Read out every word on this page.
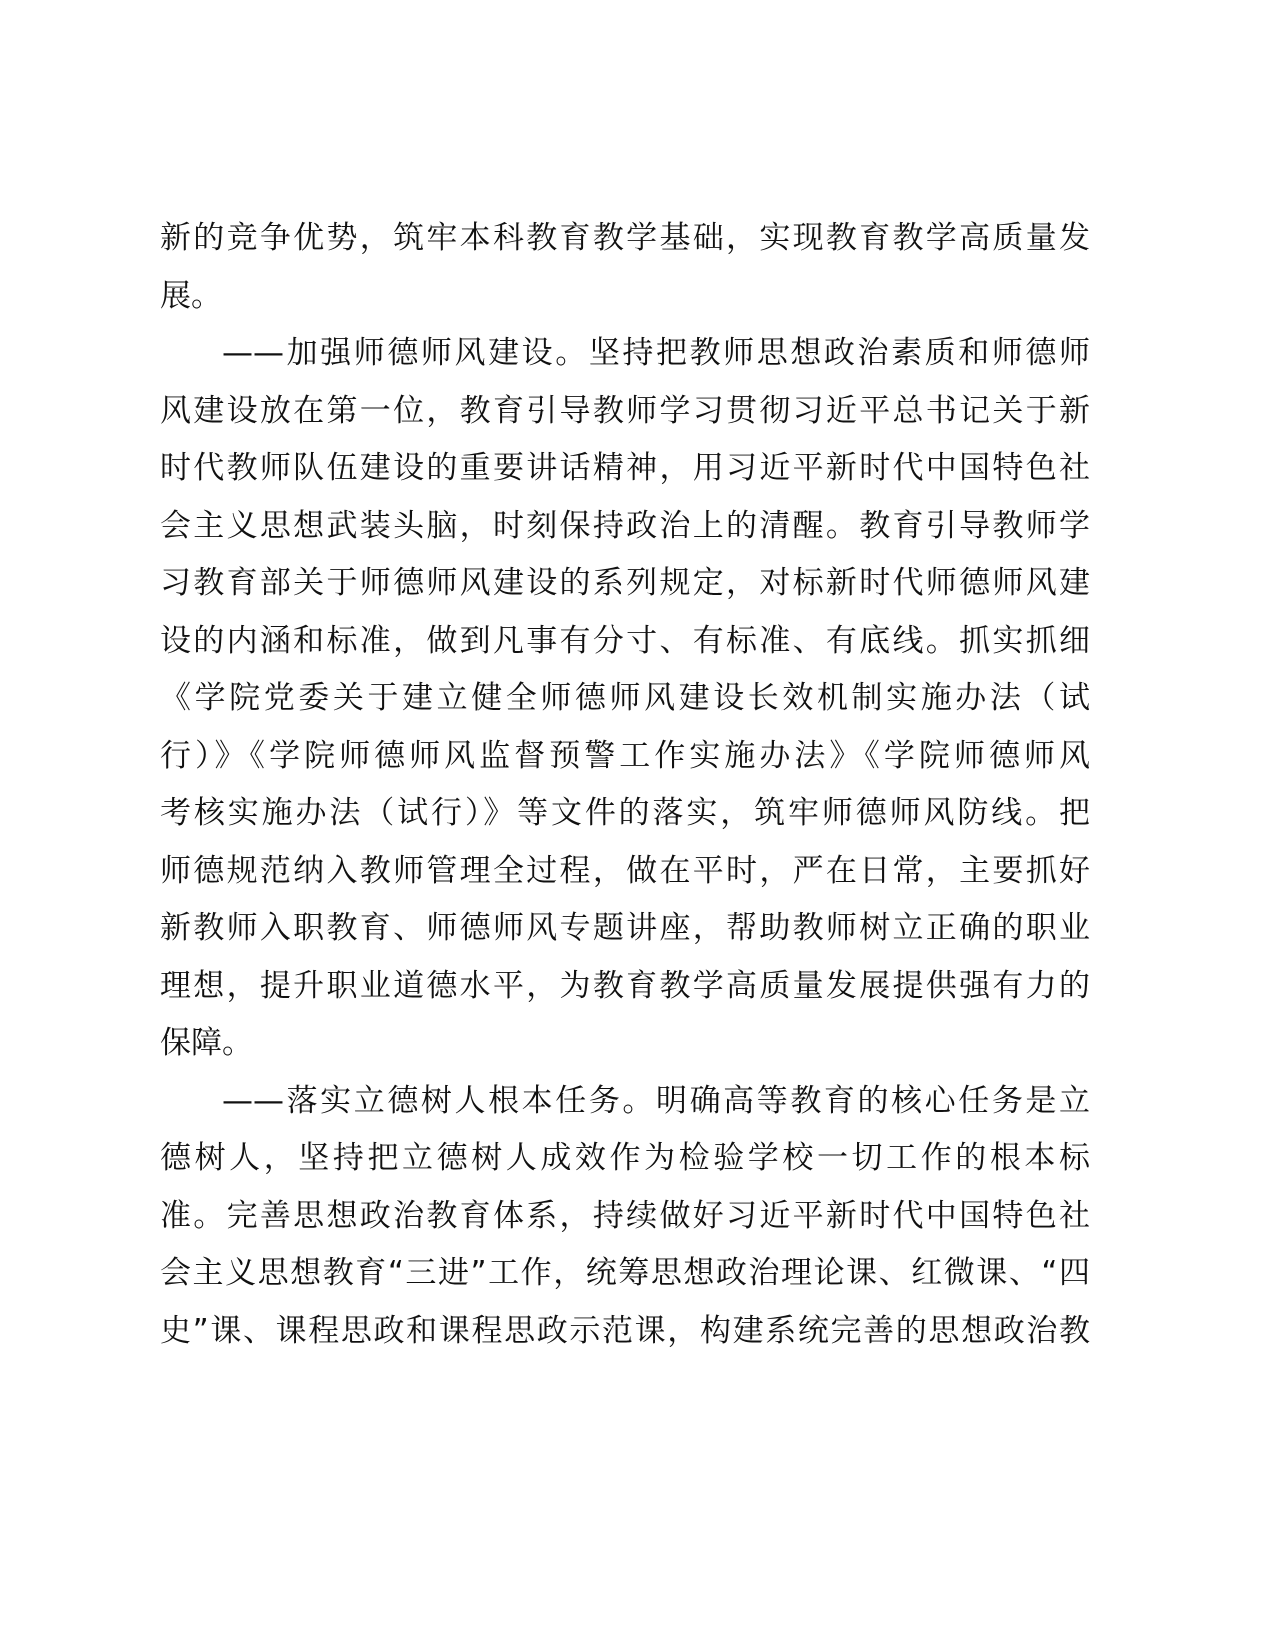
新的竞争优势，筑牢本科教育教学基础，实现教育教学高质量发
展。
——加强师德师风建设。坚持把教师思想政治素质和师德师
风建设放在第一位，教育引导教师学习贯彻习近平总书记关于新
时代教师队伍建设的重要讲话精神，用习近平新时代中国特色社
会主义思想武装头脑，时刻保持政治上的清醒。教育引导教师学
习教育部关于师德师风建设的系列规定，对标新时代师德师风建
设的内涵和标准，做到凡事有分寸、有标准、有底线。抓实抓细
《学院党委关于建立健全师德师风建设长效机制实施办法（试
行）》《学院师德师风监督预警工作实施办法》《学院师德师风
考核实施办法（试行）》等文件的落实，筑牢师德师风防线。把
师德规范纳入教师管理全过程，做在平时，严在日常，主要抓好
新教师入职教育、师德师风专题讲座，帮助教师树立正确的职业
理想，提升职业道德水平，为教育教学高质量发展提供强有力的
保障。
——落实立德树人根本任务。明确高等教育的核心任务是立
德树人，坚持把立德树人成效作为检验学校一切工作的根本标
准。完善思想政治教育体系，持续做好习近平新时代中国特色社
会主义思想教育“三进”工作，统筹思想政治理论课、红微课、“四
史”课、课程思政和课程思政示范课，构建系统完善的思想政治教
